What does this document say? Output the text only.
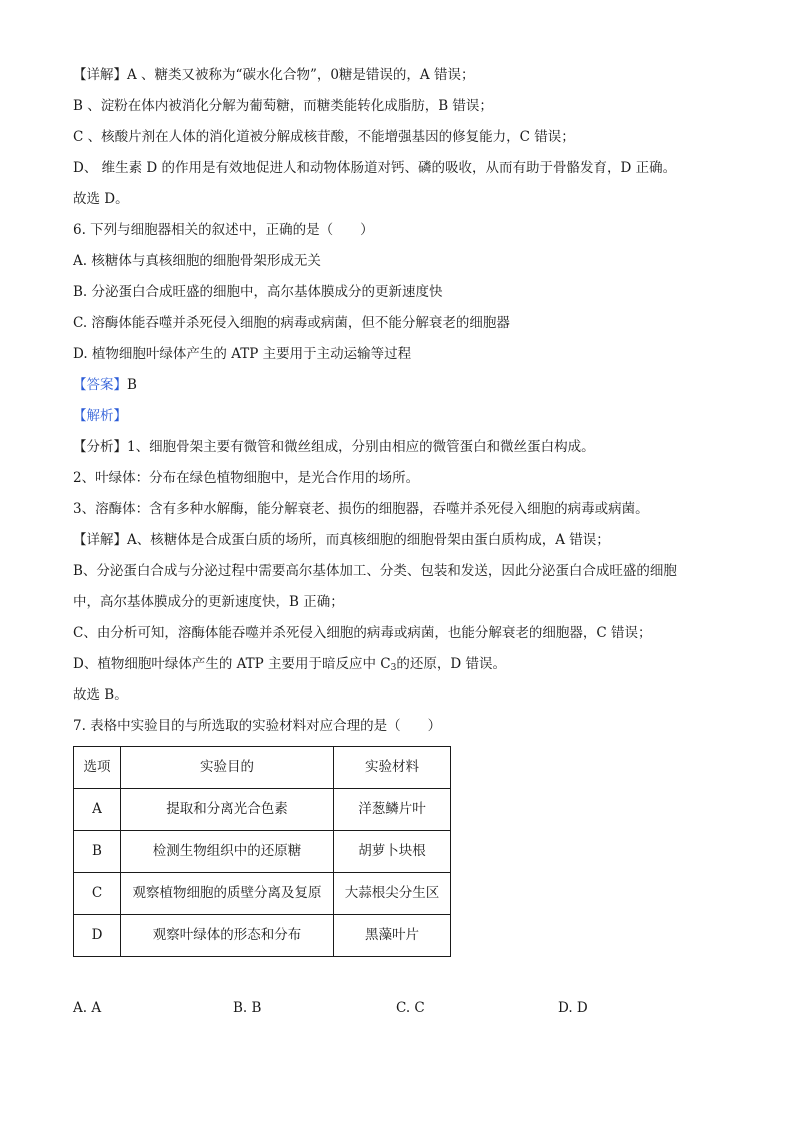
【详解】A 、糖类又被称为“碳水化合物”，0糖是错误的，A 错误；
B 、淀粉在体内被消化分解为葡萄糖，而糖类能转化成脂肪，B 错误；
C 、核酸片剂在人体的消化道被分解成核苷酸，不能增强基因的修复能力，C 错误；
D、 维生素 D 的作用是有效地促进人和动物体肠道对钙、磷的吸收，从而有助于骨骼发育，D 正确。
故选 D。
6. 下列与细胞器相关的叙述中，正确的是（　　）
A. 核糖体与真核细胞的细胞骨架形成无关
B. 分泌蛋白合成旺盛的细胞中，高尔基体膜成分的更新速度快
C. 溶酶体能吞噬并杀死侵入细胞的病毒或病菌，但不能分解衰老的细胞器
D. 植物细胞叶绿体产生的 ATP 主要用于主动运输等过程
【答案】B
【解析】
【分析】1、细胞骨架主要有微管和微丝组成，分别由相应的微管蛋白和微丝蛋白构成。
2、叶绿体：分布在绿色植物细胞中，是光合作用的场所。
3、溶酶体：含有多种水解酶，能分解衰老、损伤的细胞器，吞噬并杀死侵入细胞的病毒或病菌。
【详解】A、核糖体是合成蛋白质的场所，而真核细胞的细胞骨架由蛋白质构成，A 错误；
B、分泌蛋白合成与分泌过程中需要高尔基体加工、分类、包装和发送，因此分泌蛋白合成旺盛的细胞
中，高尔基体膜成分的更新速度快，B 正确；
C、由分析可知，溶酶体能吞噬并杀死侵入细胞的病毒或病菌，也能分解衰老的细胞器，C 错误；
D、植物细胞叶绿体产生的 ATP 主要用于暗反应中 $C_3$的还原，D 错误。
故选 B。
7. 表格中实验目的与所选取的实验材料对应合理的是（　　）
选项	实验目的	实验材料
A	提取和分离光合色素	洋葱鳞片叶
B	检测生物组织中的还原糖	胡萝卜块根
C	观察植物细胞的质壁分离及复原	大蒜根尖分生区
D	观察叶绿体的形态和分布	黑藻叶片
A. A	B. B	C. C	D. D
